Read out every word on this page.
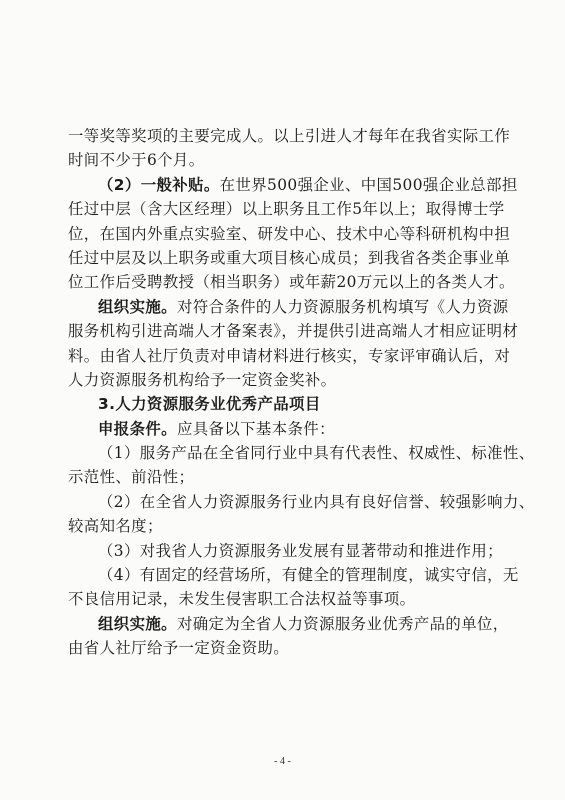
一等奖等奖项的主要完成人。以上引进人才每年在我省实际工作
时间不少于6个月。
（2）一般补贴。在世界500强企业、中国500强企业总部担
任过中层（含大区经理）以上职务且工作5年以上；取得博士学
位，在国内外重点实验室、研发中心、技术中心等科研机构中担
任过中层及以上职务或重大项目核心成员；到我省各类企事业单
位工作后受聘教授（相当职务）或年薪20万元以上的各类人才。
组织实施。对符合条件的人力资源服务机构填写《人力资源
服务机构引进高端人才备案表》，并提供引进高端人才相应证明材
料。由省人社厅负责对申请材料进行核实，专家评审确认后，对
人力资源服务机构给予一定资金奖补。
3.人力资源服务业优秀产品项目
申报条件。应具备以下基本条件：
（1）服务产品在全省同行业中具有代表性、权威性、标准性、
示范性、前沿性；
（2）在全省人力资源服务行业内具有良好信誉、较强影响力、
较高知名度；
（3）对我省人力资源服务业发展有显著带动和推进作用；
（4）有固定的经营场所，有健全的管理制度，诚实守信，无
不良信用记录，未发生侵害职工合法权益等事项。
组织实施。对确定为全省人力资源服务业优秀产品的单位，
由省人社厅给予一定资金资助。
- 4 -
